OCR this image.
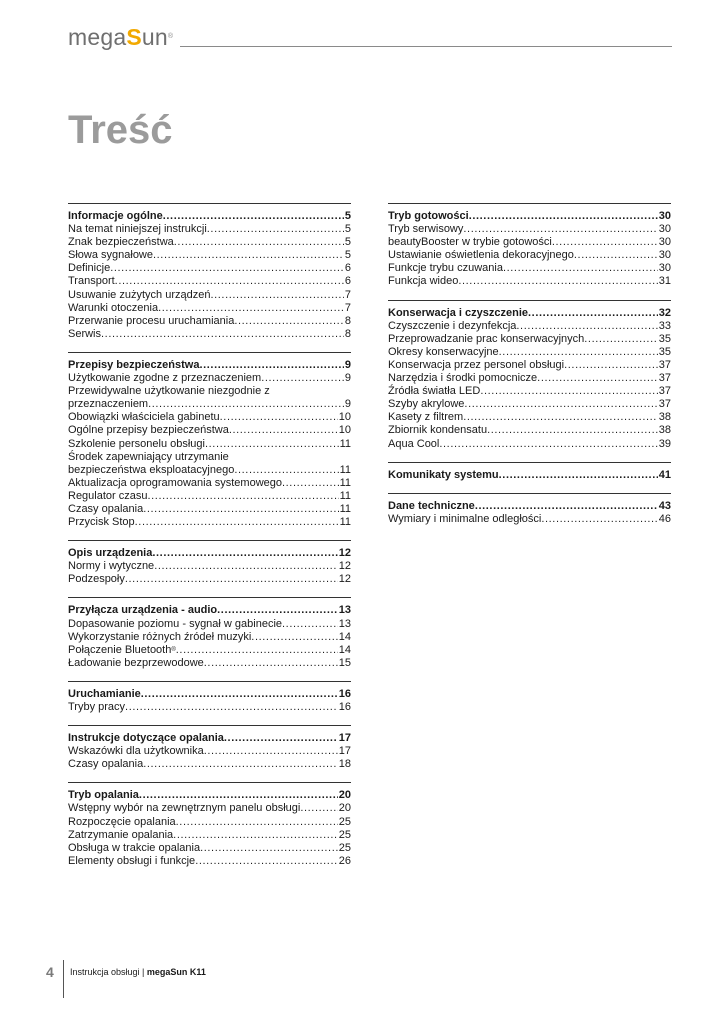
megaSun®
Treść
Informacje ogólne .....	5
Na temat niniejszej instrukcji .....	5
Znak bezpieczeństwa .....	5
Słowa sygnałowe .....	5
Definicje .....	6
Transport .....	6
Usuwanie zużytych urządzeń .....	7
Warunki otoczenia .....	7
Przerwanie procesu uruchamiania .....	8
Serwis .....	8
Przepisy bezpieczeństwa .....	9
Użytkowanie zgodne z przeznaczeniem .....	9
Przewidywalne użytkowanie niezgodnie z
przeznaczeniem .....	9
Obowiązki właściciela gabinetu .....	10
Ogólne przepisy bezpieczeństwa .....	10
Szkolenie personelu obsługi .....	11
Środek zapewniający utrzymanie
bezpieczeństwa eksploatacyjnego .....	11
Aktualizacja oprogramowania systemowego .....	11
Regulator czasu .....	11
Czasy opalania .....	11
Przycisk Stop .....	11
Opis urządzenia .....	12
Normy i wytyczne .....	12
Podzespoły .....	12
Przyłącza urządzenia - audio .....	13
Dopasowanie poziomu - sygnał w gabinecie .....	13
Wykorzystanie różnych źródeł muzyki .....	14
Połączenie Bluetooth® .....	14
Ładowanie bezprzewodowe .....	15
Uruchamianie .....	16
Tryby pracy .....	16
Instrukcje dotyczące opalania .....	17
Wskazówki dla użytkownika .....	17
Czasy opalania .....	18
Tryb opalania .....	20
Wstępny wybór na zewnętrznym panelu obsługi .....	20
Rozpoczęcie opalania .....	25
Zatrzymanie opalania .....	25
Obsługa w trakcie opalania .....	25
Elementy obsługi i funkcje .....	26
Tryb gotowości .....	30
Tryb serwisowy .....	30
beautyBooster w trybie gotowości .....	30
Ustawianie oświetlenia dekoracyjnego .....	30
Funkcje trybu czuwania .....	30
Funkcja wideo .....	31
Konserwacja i czyszczenie .....	32
Czyszczenie i dezynfekcja .....	33
Przeprowadzanie prac konserwacyjnych .....	35
Okresy konserwacyjne .....	35
Konserwacja przez personel obsługi .....	37
Narzędzia i środki pomocnicze .....	37
Źródła światła LED .....	37
Szyby akrylowe .....	37
Kasety z filtrem .....	38
Zbiornik kondensatu .....	38
Aqua Cool .....	39
Komunikaty systemu .....	41
Dane techniczne .....	43
Wymiary i minimalne odległości .....	46
4 Instrukcja obsługi | megaSun K11
